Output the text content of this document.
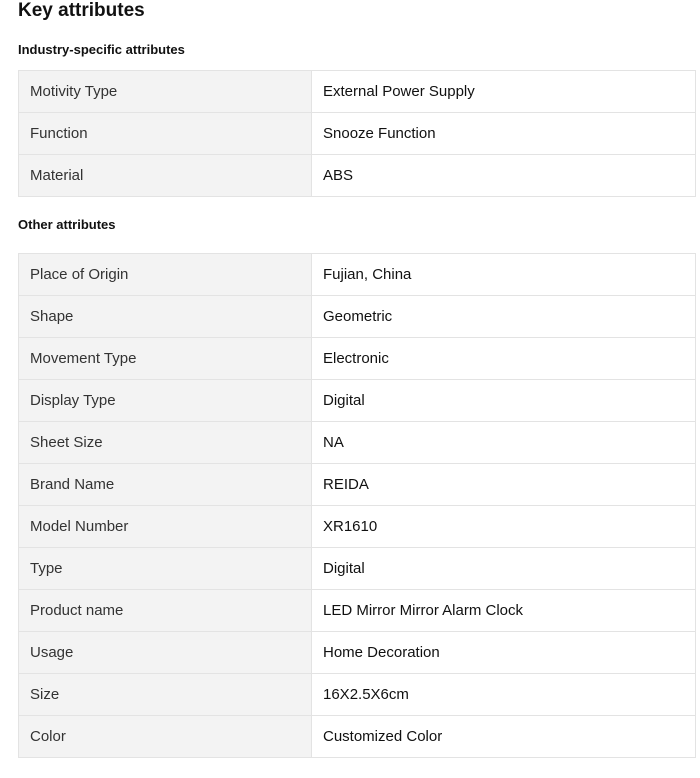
Key attributes
Industry-specific attributes
Motivity Type	External Power Supply
Function	Snooze Function
Material	ABS
Other attributes
Place of Origin	Fujian, China
Shape	Geometric
Movement Type	Electronic
Display Type	Digital
Sheet Size	NA
Brand Name	REIDA
Model Number	XR1610
Type	Digital
Product name	LED Mirror Mirror Alarm Clock
Usage	Home Decoration
Size	16X2.5X6cm
Color	Customized Color
